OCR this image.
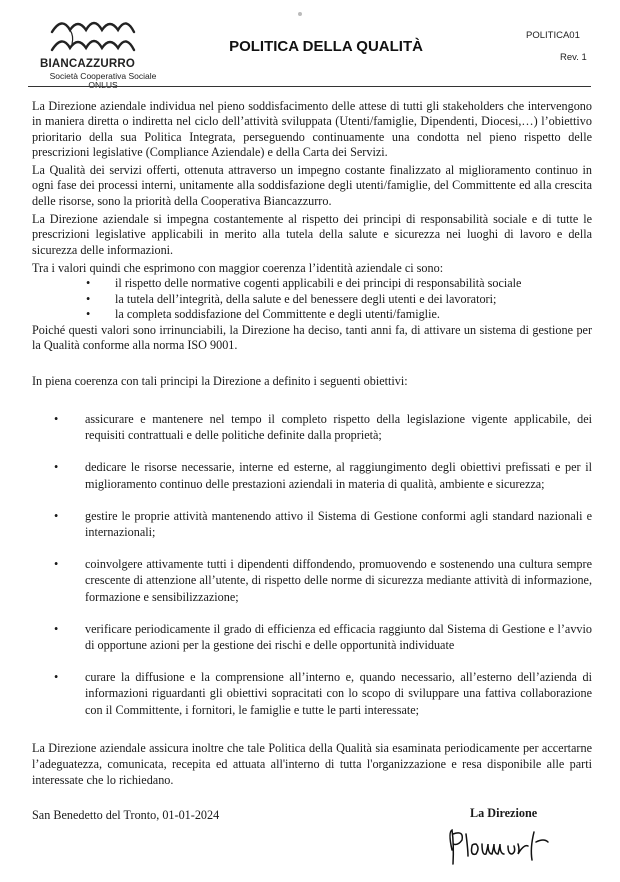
BIANCAZZURRO
Società Cooperativa Sociale
ONLUS
POLITICA DELLA QUALITÀ
POLITICA01
Rev. 1

La Direzione aziendale individua nel pieno soddisfacimento delle attese di tutti gli stakeholders che intervengono in maniera diretta o indiretta nel ciclo dell’attività sviluppata (Utenti/famiglie, Dipendenti, Diocesi,…) l’obiettivo prioritario della sua Politica Integrata, perseguendo continuamente una condotta nel pieno rispetto delle prescrizioni legislative (Compliance Aziendale) e della Carta dei Servizi.

La Qualità dei servizi offerti, ottenuta attraverso un impegno costante finalizzato al miglioramento continuo in ogni fase dei processi interni, unitamente alla soddisfazione degli utenti/famiglie, del Committente ed alla crescita delle risorse, sono la priorità della Cooperativa Biancazzurro.

La Direzione aziendale si impegna costantemente al rispetto dei principi di responsabilità sociale e di tutte le prescrizioni legislative applicabili in merito alla tutela della salute e sicurezza nei luoghi di lavoro e della sicurezza delle informazioni.

Tra i valori quindi che esprimono con maggior coerenza l’identità aziendale ci sono:

• il rispetto delle normative cogenti applicabili e dei principi di responsabilità sociale
• la tutela dell’integrità, della salute e del benessere degli utenti e dei lavoratori;
• la completa soddisfazione del Committente e degli utenti/famiglie.

Poiché questi valori sono irrinunciabili, la Direzione ha deciso, tanti anni fa, di attivare un sistema di gestione per la Qualità conforme alla norma ISO 9001.

In piena coerenza con tali principi la Direzione a definito i seguenti obiettivi:

• assicurare e mantenere nel tempo il completo rispetto della legislazione vigente applicabile, dei requisiti contrattuali e delle politiche definite dalla proprietà;
• dedicare le risorse necessarie, interne ed esterne, al raggiungimento degli obiettivi prefissati e per il miglioramento continuo delle prestazioni aziendali in materia di qualità, ambiente e sicurezza;
• gestire le proprie attività mantenendo attivo il Sistema di Gestione conformi agli standard nazionali e internazionali;
• coinvolgere attivamente tutti i dipendenti diffondendo, promuovendo e sostenendo una cultura sempre crescente di attenzione all’utente, di rispetto delle norme di sicurezza mediante attività di informazione, formazione e sensibilizzazione;
• verificare periodicamente il grado di efficienza ed efficacia raggiunto dal Sistema di Gestione e l’avvio di opportune azioni per la gestione dei rischi e delle opportunità individuate
• curare la diffusione e la comprensione all’interno e, quando necessario, all’esterno dell’azienda di informazioni riguardanti gli obiettivi sopracitati con lo scopo di sviluppare una fattiva collaborazione con il Committente, i fornitori, le famiglie e tutte le parti interessate;

La Direzione aziendale assicura inoltre che tale Politica della Qualità sia esaminata periodicamente per accertarne l’adeguatezza, comunicata, recepita ed attuata all'interno di tutta l'organizzazione e resa disponibile alle parti interessate che lo richiedano.

San Benedetto del Tronto, 01-01-2024	La Direzione
